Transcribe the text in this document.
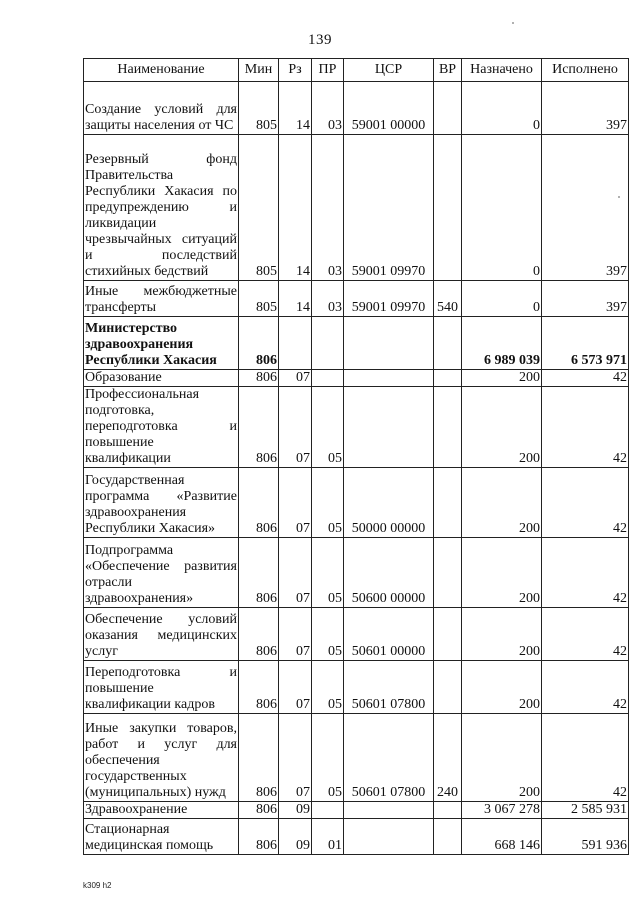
139
Наименование	Мин	Рз	ПР	ЦСР	ВР	Назначено	Исполнено
Создание условий для защиты населения от ЧС	805	14	03	59001 00000		0	397
Резервный фонд Правительства Республики Хакасия по предупреждению и ликвидации чрезвычайных ситуаций и последствий стихийных бедствий	805	14	03	59001 09970		0	397
Иные межбюджетные трансферты	805	14	03	59001 09970	540	0	397
Министерство здравоохранения Республики Хакасия	806					6 989 039	6 573 971
Образование	806	07				200	42
Профессиональная подготовка, переподготовка и повышение квалификации	806	07	05			200	42
Государственная программа «Развитие здравоохранения Республики Хакасия»	806	07	05	50000 00000		200	42
Подпрограмма «Обеспечение развития отрасли здравоохранения»	806	07	05	50600 00000		200	42
Обеспечение условий оказания медицинских услуг	806	07	05	50601 00000		200	42
Переподготовка и повышение квалификации кадров	806	07	05	50601 07800		200	42
Иные закупки товаров, работ и услуг для обеспечения государственных (муниципальных) нужд	806	07	05	50601 07800	240	200	42
Здравоохранение	806	09				3 067 278	2 585 931
Стационарная медицинская помощь	806	09	01			668 146	591 936
k309 h2
